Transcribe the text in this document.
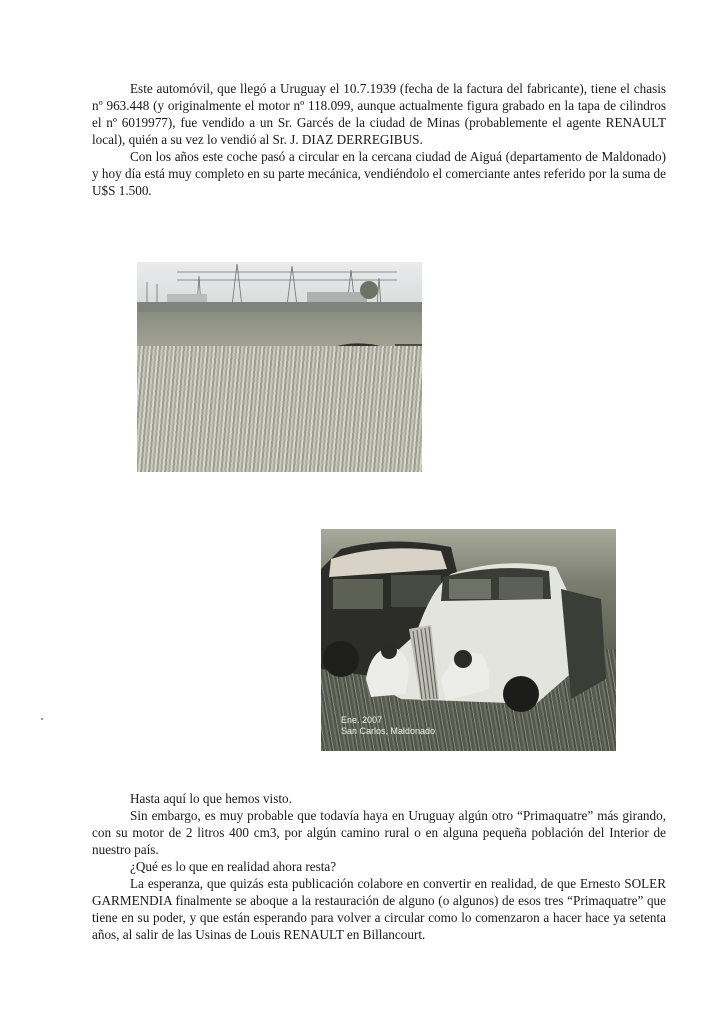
Este automóvil, que llegó a Uruguay el 10.7.1939 (fecha de la factura del fabricante), tiene el chasis nº 963.448 (y originalmente el motor nº 118.099, aunque actualmente figura grabado en la tapa de cilindros el nº 6019977), fue vendido a un Sr. Garcés de la ciudad de Minas (probablemente el agente RENAULT local), quién a su vez lo vendió al Sr. J. DIAZ DERREGIBUS.

Con los años este coche pasó a circular en la cercana ciudad de Aiguá (departamento de Maldonado) y hoy día está muy completo en su parte mecánica, vendiéndolo el comerciante antes referido por la suma de U$S 1.500.

Ene. 2007
San Carlos, Maldonado

Hasta aquí lo que hemos visto.

Sin embargo, es muy probable que todavía haya en Uruguay algún otro “Primaquatre” más girando, con su motor de 2 litros 400 cm3, por algún camino rural o en alguna pequeña población del Interior de nuestro país.

¿Qué es lo que en realidad ahora resta?

La esperanza, que quizás esta publicación colabore en convertir en realidad, de que Ernesto SOLER GARMENDIA finalmente se aboque a la restauración de alguno (o algunos) de esos tres “Primaquatre” que tiene en su poder, y que están esperando para volver a circular como lo comenzaron a hacer hace ya setenta años, al salir de las Usinas de Louis RENAULT en Billancourt.
